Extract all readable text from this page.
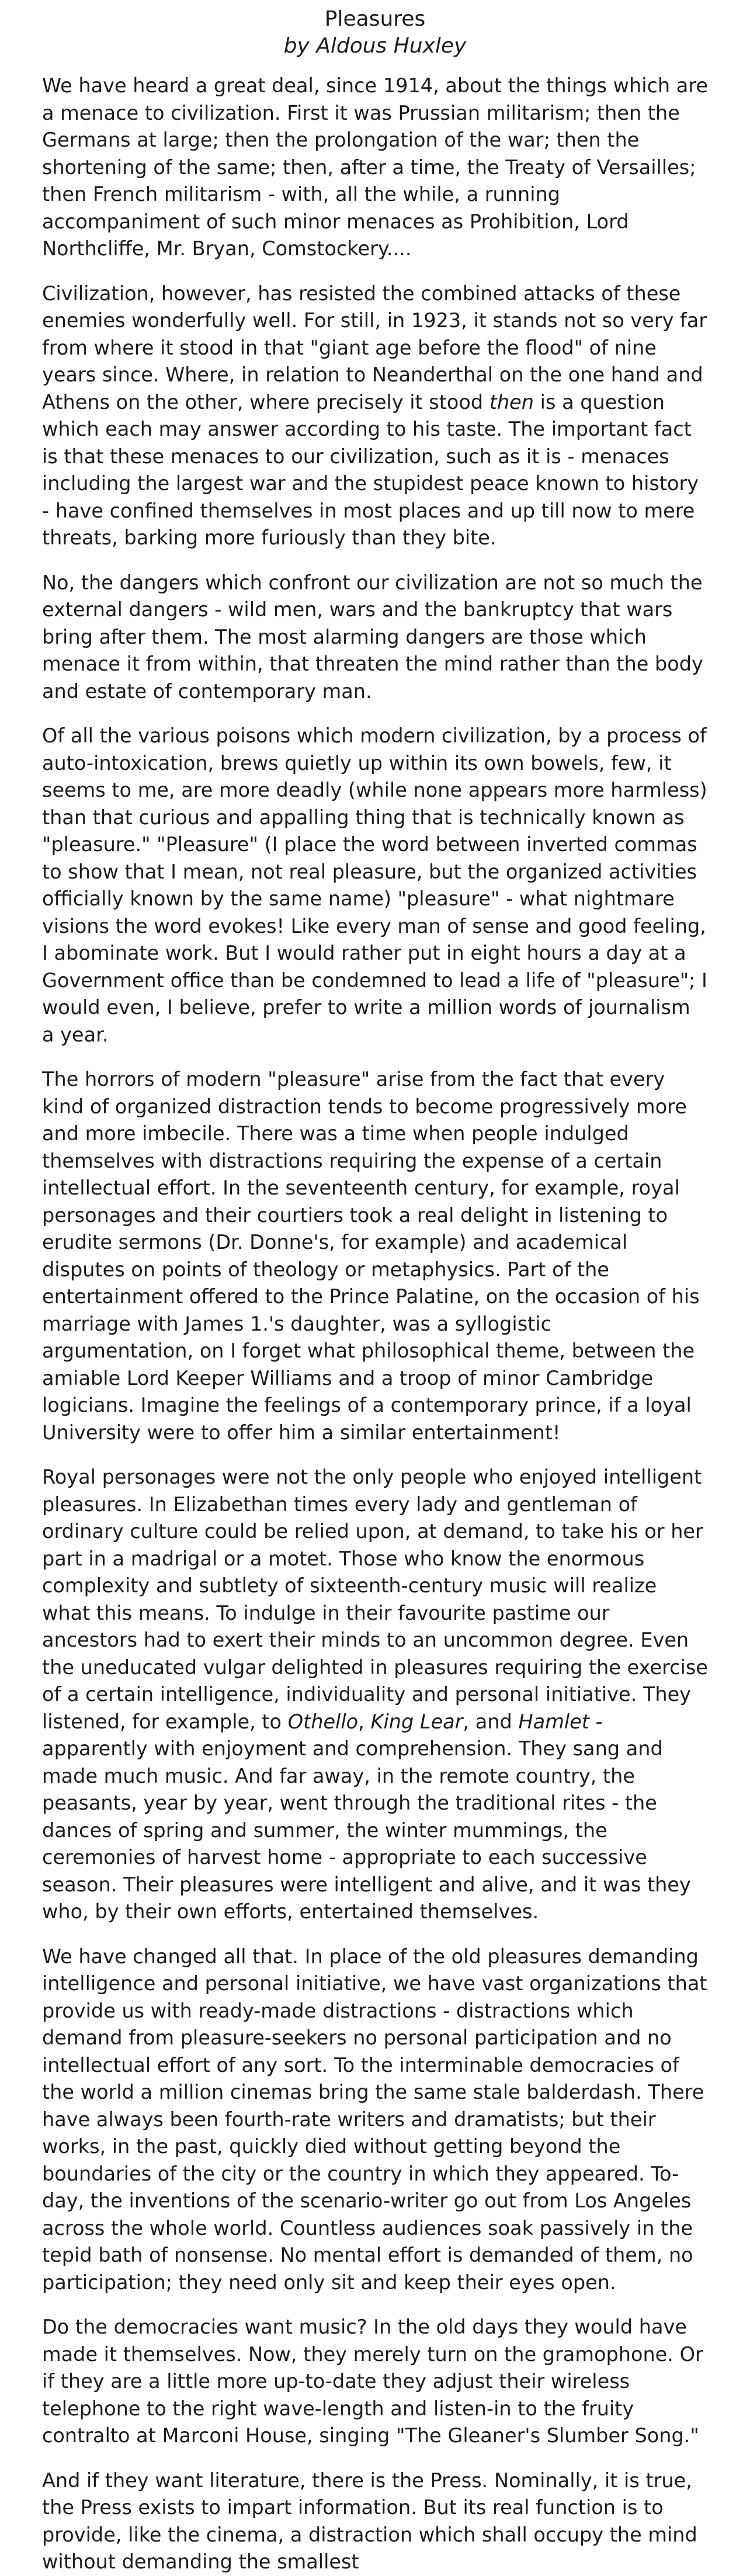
Pleasures
by Aldous Huxley

We have heard a great deal, since 1914, about the things which are a menace to civilization. First it was Prussian militarism; then the Germans at large; then the prolongation of the war; then the shortening of the same; then, after a time, the Treaty of Versailles; then French militarism - with, all the while, a running accompaniment of such minor menaces as Prohibition, Lord Northcliffe, Mr. Bryan, Comstockery....

Civilization, however, has resisted the combined attacks of these enemies wonderfully well. For still, in 1923, it stands not so very far from where it stood in that "giant age before the flood" of nine years since. Where, in relation to Neanderthal on the one hand and Athens on the other, where precisely it stood then is a question which each may answer according to his taste. The important fact is that these menaces to our civilization, such as it is - menaces including the largest war and the stupidest peace known to history - have confined themselves in most places and up till now to mere threats, barking more furiously than they bite.

No, the dangers which confront our civilization are not so much the external dangers - wild men, wars and the bankruptcy that wars bring after them. The most alarming dangers are those which menace it from within, that threaten the mind rather than the body and estate of contemporary man.

Of all the various poisons which modern civilization, by a process of auto-intoxication, brews quietly up within its own bowels, few, it seems to me, are more deadly (while none appears more harmless) than that curious and appalling thing that is technically known as "pleasure." "Pleasure" (I place the word between inverted commas to show that I mean, not real pleasure, but the organized activities officially known by the same name) "pleasure" - what nightmare visions the word evokes! Like every man of sense and good feeling, I abominate work. But I would rather put in eight hours a day at a Government office than be condemned to lead a life of "pleasure"; I would even, I believe, prefer to write a million words of journalism a year.

The horrors of modern "pleasure" arise from the fact that every kind of organized distraction tends to become progressively more and more imbecile. There was a time when people indulged themselves with distractions requiring the expense of a certain intellectual effort. In the seventeenth century, for example, royal personages and their courtiers took a real delight in listening to erudite sermons (Dr. Donne's, for example) and academical disputes on points of theology or metaphysics. Part of the entertainment offered to the Prince Palatine, on the occasion of his marriage with James 1.'s daughter, was a syllogistic argumentation, on I forget what philosophical theme, between the amiable Lord Keeper Williams and a troop of minor Cambridge logicians. Imagine the feelings of a contemporary prince, if a loyal University were to offer him a similar entertainment!

Royal personages were not the only people who enjoyed intelligent pleasures. In Elizabethan times every lady and gentleman of ordinary culture could be relied upon, at demand, to take his or her part in a madrigal or a motet. Those who know the enormous complexity and subtlety of sixteenth-century music will realize what this means. To indulge in their favourite pastime our ancestors had to exert their minds to an uncommon degree. Even the uneducated vulgar delighted in pleasures requiring the exercise of a certain intelligence, individuality and personal initiative. They listened, for example, to Othello, King Lear, and Hamlet - apparently with enjoyment and comprehension. They sang and made much music. And far away, in the remote country, the peasants, year by year, went through the traditional rites - the dances of spring and summer, the winter mummings, the ceremonies of harvest home - appropriate to each successive season. Their pleasures were intelligent and alive, and it was they who, by their own efforts, entertained themselves.

We have changed all that. In place of the old pleasures demanding intelligence and personal initiative, we have vast organizations that provide us with ready-made distractions - distractions which demand from pleasure-seekers no personal participation and no intellectual effort of any sort. To the interminable democracies of the world a million cinemas bring the same stale balderdash. There have always been fourth-rate writers and dramatists; but their works, in the past, quickly died without getting beyond the boundaries of the city or the country in which they appeared. To-day, the inventions of the scenario-writer go out from Los Angeles across the whole world. Countless audiences soak passively in the tepid bath of nonsense. No mental effort is demanded of them, no participation; they need only sit and keep their eyes open.

Do the democracies want music? In the old days they would have made it themselves. Now, they merely turn on the gramophone. Or if they are a little more up-to-date they adjust their wireless telephone to the right wave-length and listen-in to the fruity contralto at Marconi House, singing "The Gleaner's Slumber Song."

And if they want literature, there is the Press. Nominally, it is true, the Press exists to impart information. But its real function is to provide, like the cinema, a distraction which shall occupy the mind without demanding the smallest
